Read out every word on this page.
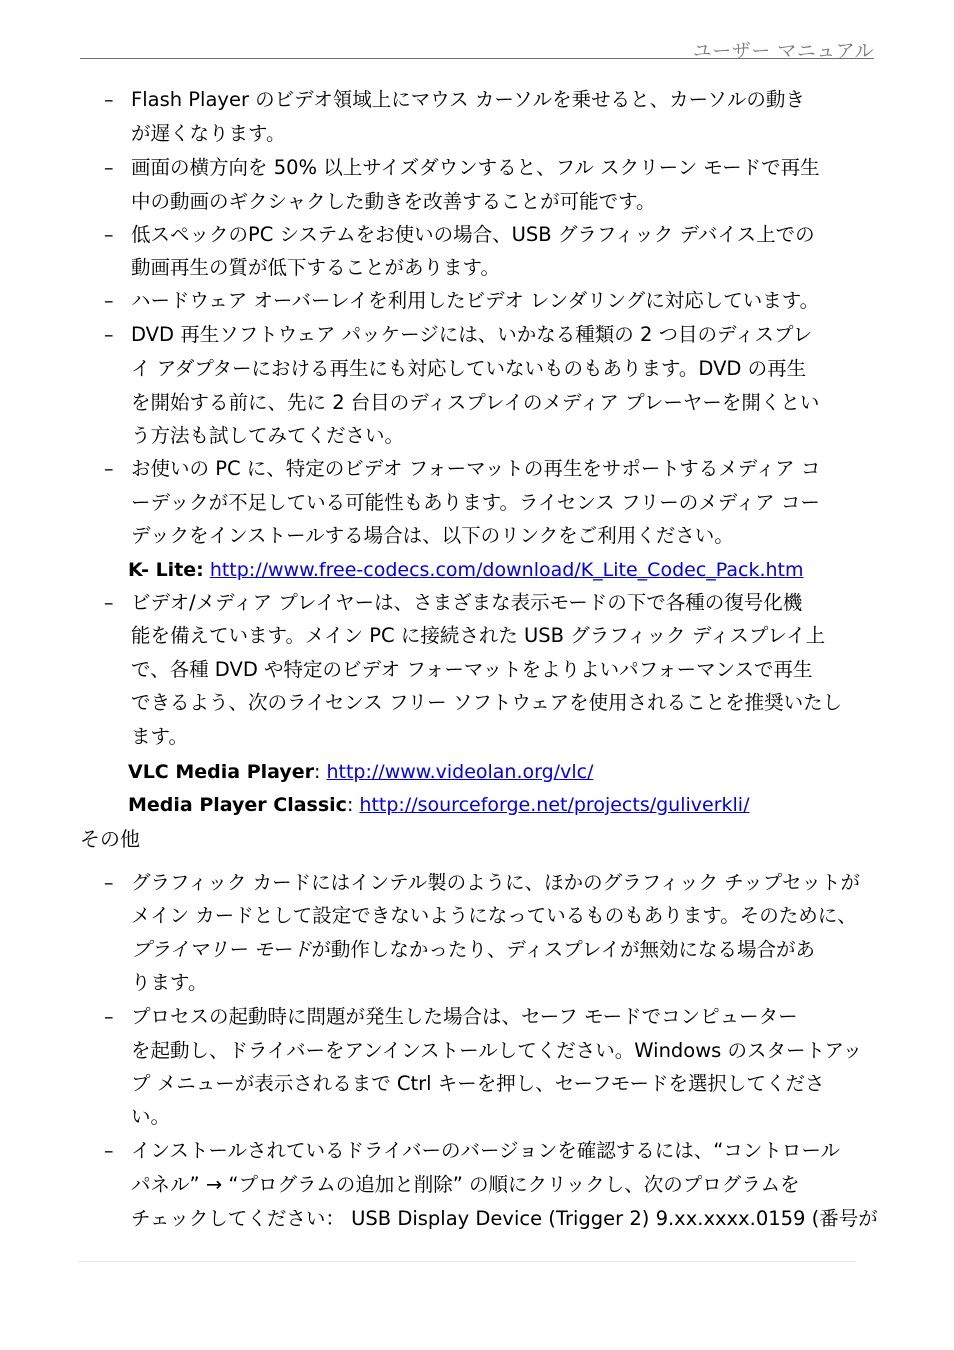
ユーザー マニュアル
– Flash Player のビデオ領域上にマウス カーソルを乗せると、カーソルの動き
が遅くなります。
– 画面の横方向を 50% 以上サイズダウンすると、フル スクリーン モードで再生
中の動画のギクシャクした動きを改善することが可能です。
– 低スペックのPC システムをお使いの場合、USB グラフィック デバイス上での
動画再生の質が低下することがあります。
– ハードウェア オーバーレイを利用したビデオ レンダリングに対応しています。
– DVD 再生ソフトウェア パッケージには、いかなる種類の 2 つ目のディスプレ
イ アダプターにおける再生にも対応していないものもあります。DVD の再生
を開始する前に、先に 2 台目のディスプレイのメディア プレーヤーを開くとい
う方法も試してみてください。
– お使いの PC に、特定のビデオ フォーマットの再生をサポートするメディア コ
ーデックが不足している可能性もあります。ライセンス フリーのメディア コー
デックをインストールする場合は、以下のリンクをご利用ください。
K- Lite: http://www.free-codecs.com/download/K_Lite_Codec_Pack.htm
– ビデオ/メディア プレイヤーは、さまざまな表示モードの下で各種の復号化機
能を備えています。メイン PC に接続された USB グラフィック ディスプレイ上
で、各種 DVD や特定のビデオ フォーマットをよりよいパフォーマンスで再生
できるよう、次のライセンス フリー ソフトウェアを使用されることを推奨いたし
ます。
VLC Media Player: http://www.videolan.org/vlc/
Media Player Classic: http://sourceforge.net/projects/guliverkli/
その他
– グラフィック カードにはインテル製のように、ほかのグラフィック チップセットが
メイン カードとして設定できないようになっているものもあります。そのために、
プライマリー モードが動作しなかったり、ディスプレイが無効になる場合があ
ります。
– プロセスの起動時に問題が発生した場合は、セーフ モードでコンピューター
を起動し、ドライバーをアンインストールしてください。Windows のスタートアッ
プ メニューが表示されるまで Ctrl キーを押し、セーフモードを選択してくださ
い。
– インストールされているドライバーのバージョンを確認するには、“コントロール
パネル” → “プログラムの追加と削除” の順にクリックし、次のプログラムを
チェックしてください： USB Display Device (Trigger 2) 9.xx.xxxx.0159 (番号が
